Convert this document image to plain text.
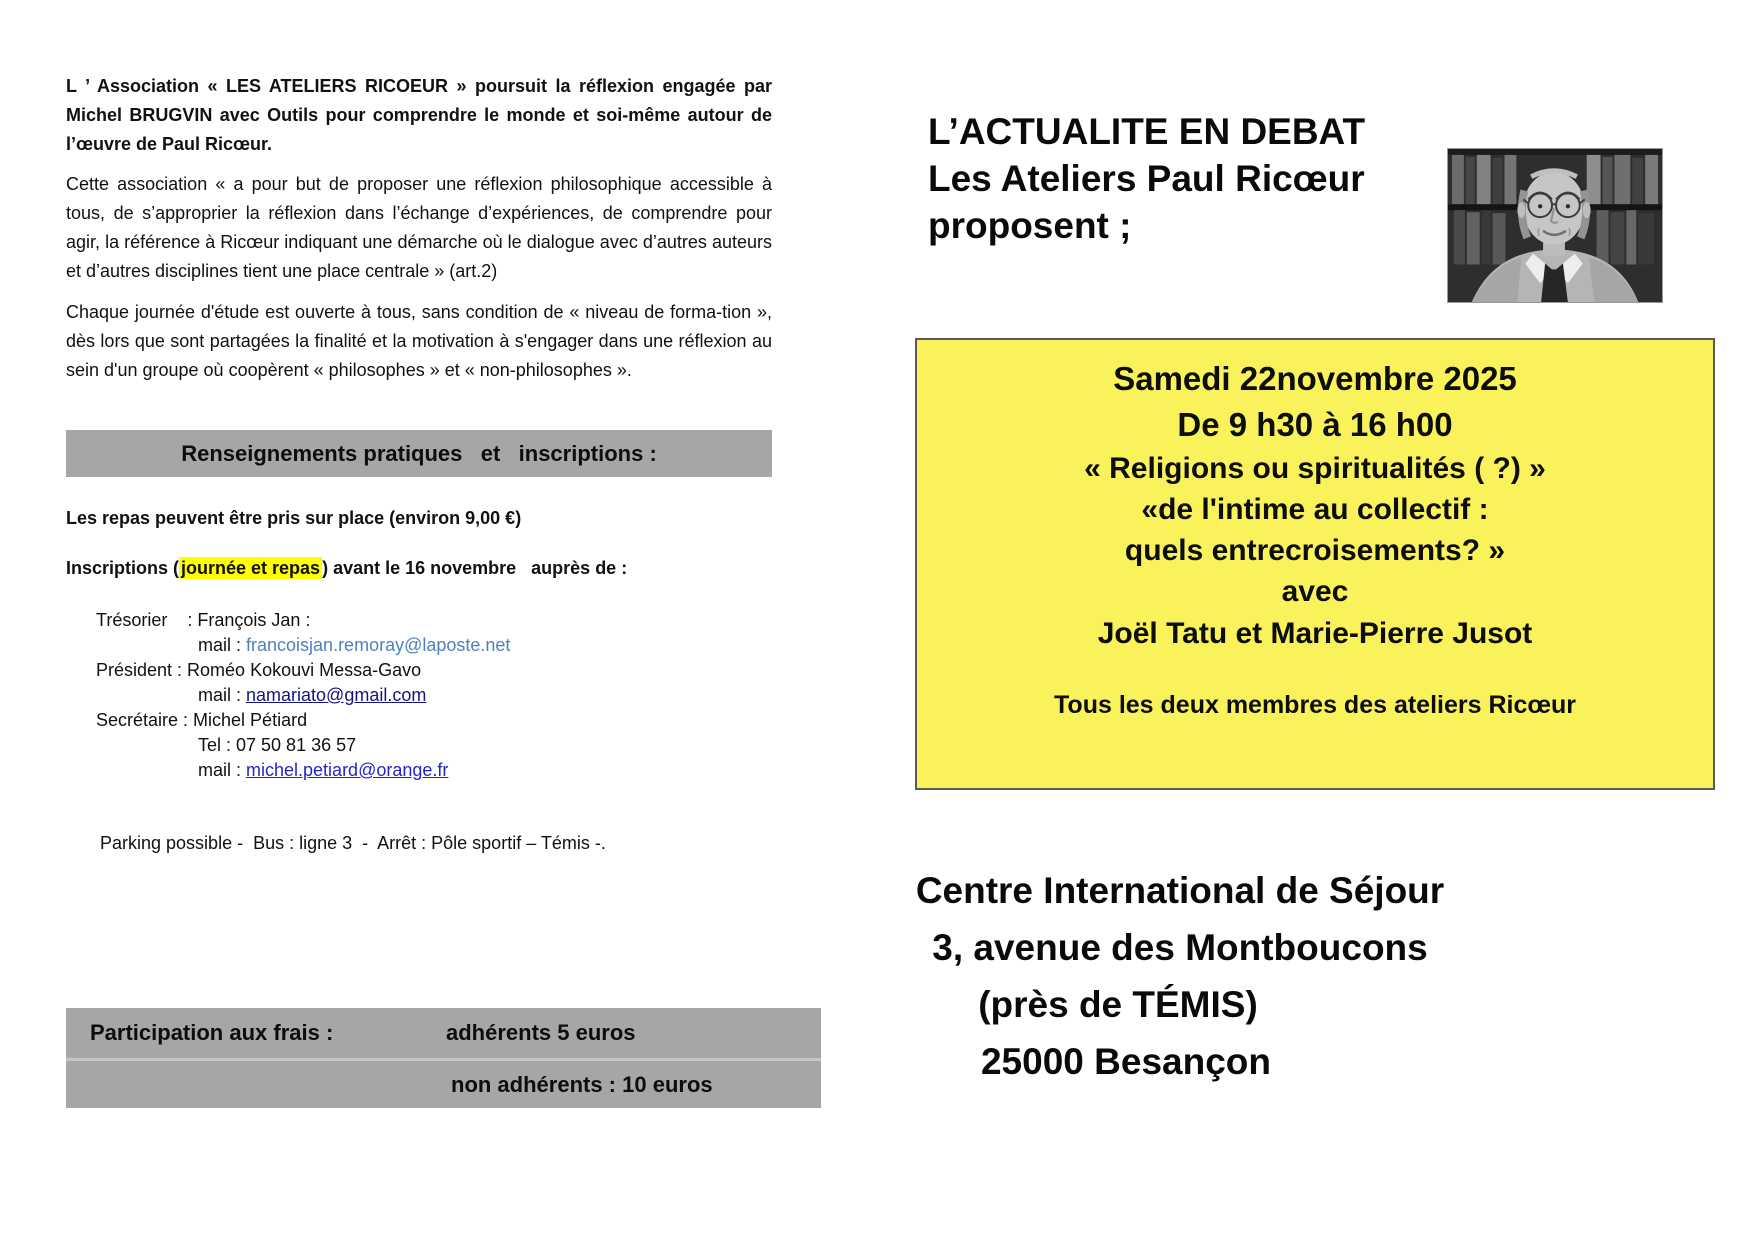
L ’ Association « LES ATELIERS RICOEUR » poursuit la réflexion engagée par Michel BRUGVIN avec Outils pour comprendre le monde et soi-même autour de l’œuvre de Paul Ricœur.

Cette association « a pour but de proposer une réflexion philosophique accessible à tous, de s’approprier la réflexion dans l’échange d’expériences, de comprendre pour agir, la référence à Ricœur indiquant une démarche où le dialogue avec d’autres auteurs et d’autres disciplines tient une place centrale » (art.2)

Chaque journée d'étude est ouverte à tous, sans condition de « niveau de forma-tion », dès lors que sont partagées la finalité et la motivation à s'engager dans une réflexion au sein d'un groupe où coopèrent « philosophes » et « non-philosophes ».

Renseignements pratiques   et   inscriptions :

Les repas peuvent être pris sur place (environ 9,00 €)

Inscriptions ( journée et repas ) avant le 16 novembre   auprès de :

Trésorier    : François Jan :
mail : francoisjan.remoray@laposte.net
Président : Roméo Kokouvi Messa-Gavo
mail : namariato@gmail.com
Secrétaire : Michel Pétiard
Tel : 07 50 81 36 57
mail : michel.petiard@orange.fr

Parking possible -  Bus : ligne 3  -  Arrêt : Pôle sportif – Témis -.

Participation aux frais :	adhérents 5 euros
non adhérents : 10 euros
L’ACTUALITE EN DEBAT
Les Ateliers Paul Ricœur
proposent ;
Samedi 22novembre 2025
De 9 h30 à 16 h00
« Religions ou spiritualités ( ?) »
«de l'intime au collectif :
quels entrecroisements? »
avec
Joël Tatu et Marie-Pierre Jusot
Tous les deux membres des ateliers Ricœur
Centre International de Séjour
3, avenue des Montboucons
(près de TÉMIS)
25000 Besançon
